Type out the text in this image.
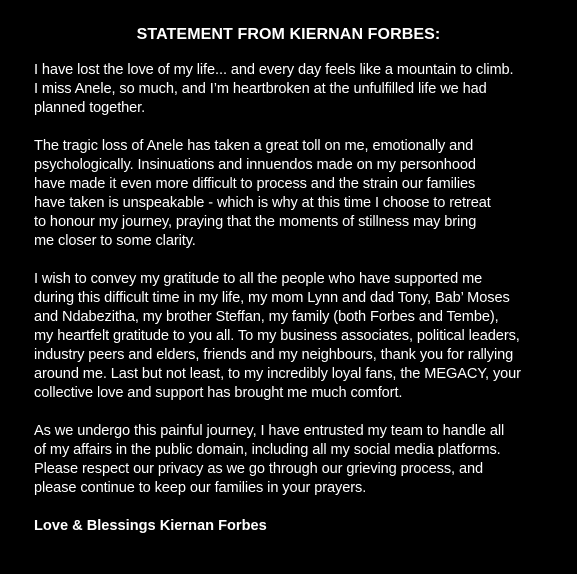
STATEMENT FROM KIERNAN FORBES:

I have lost the love of my life... and every day feels like a mountain to climb.
I miss Anele, so much, and I’m heartbroken at the unfulfilled life we had
planned together.

The tragic loss of Anele has taken a great toll on me, emotionally and
psychologically. Insinuations and innuendos made on my personhood
have made it even more difficult to process and the strain our families
have taken is unspeakable - which is why at this time I choose to retreat
to honour my journey, praying that the moments of stillness may bring
me closer to some clarity.

I wish to convey my gratitude to all the people who have supported me
during this difficult time in my life, my mom Lynn and dad Tony, Bab’ Moses
and Ndabezitha, my brother Steffan, my family (both Forbes and Tembe),
my heartfelt gratitude to you all. To my business associates, political leaders,
industry peers and elders, friends and my neighbours, thank you for rallying
around me. Last but not least, to my incredibly loyal fans, the MEGACY, your
collective love and support has brought me much comfort.

As we undergo this painful journey, I have entrusted my team to handle all
of my affairs in the public domain, including all my social media platforms.
Please respect our privacy as we go through our grieving process, and
please continue to keep our families in your prayers.

Love & Blessings Kiernan Forbes
